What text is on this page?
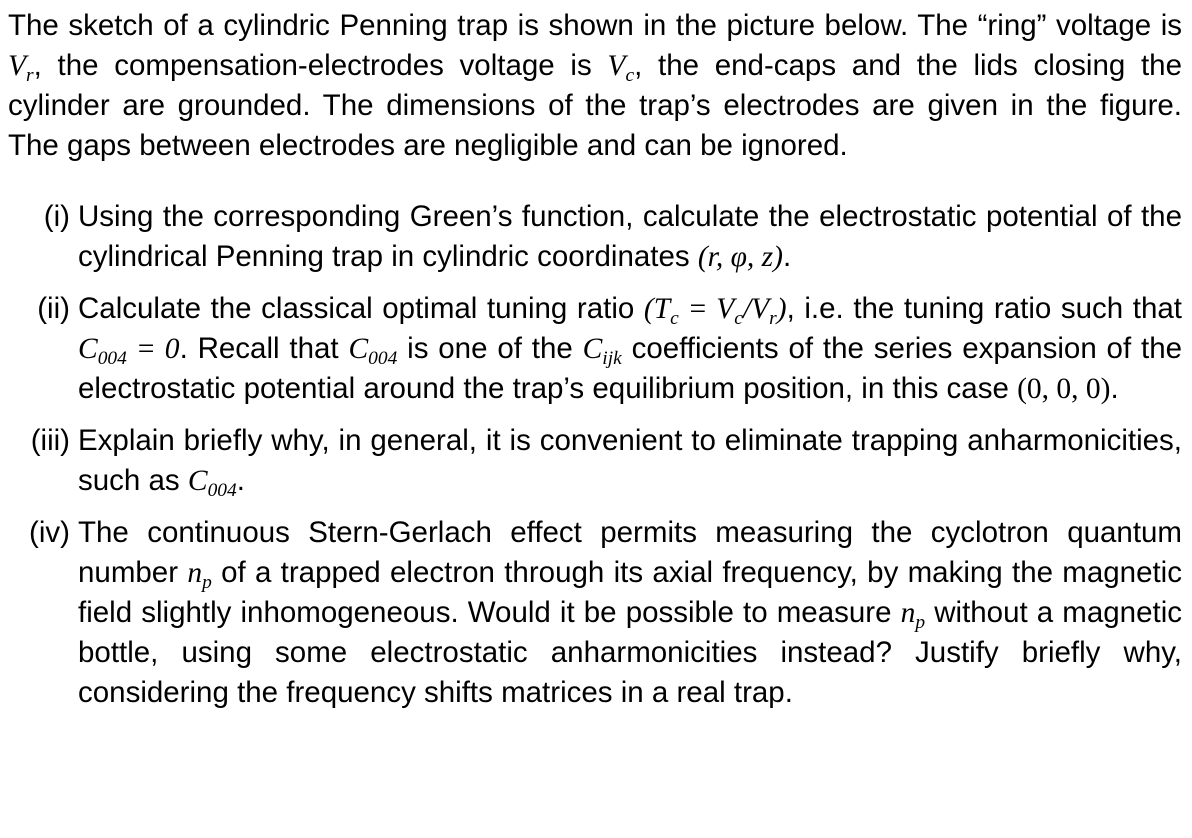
The sketch of a cylindric Penning trap is shown in the picture below. The “ring” voltage is $V_r$, the compensation-electrodes voltage is $V_c$, the end-caps and the lids closing the cylinder are grounded. The dimensions of the trap’s electrodes are given in the figure. The gaps between electrodes are negligible and can be ignored.

(i) Using the corresponding Green’s function, calculate the electrostatic potential of the cylindrical Penning trap in cylindric coordinates (r, φ, z).
(ii) Calculate the classical optimal tuning ratio $(T_c = V_c/V_r)$, i.e. the tuning ratio such that $C_{004} = 0$. Recall that $C_{004}$ is one of the $C_{ijk}$ coefficients of the series expansion of the electrostatic potential around the trap’s equilibrium position, in this case (0, 0, 0).
(iii) Explain briefly why, in general, it is convenient to eliminate trapping anharmonicities, such as $C_{004}$.
(iv) The continuous Stern-Gerlach effect permits measuring the cyclotron quantum number $n_p$ of a trapped electron through its axial frequency, by making the magnetic field slightly inhomogeneous. Would it be possible to measure $n_p$ without a magnetic bottle, using some electrostatic anharmonicities instead? Justify briefly why, considering the frequency shifts matrices in a real trap.
